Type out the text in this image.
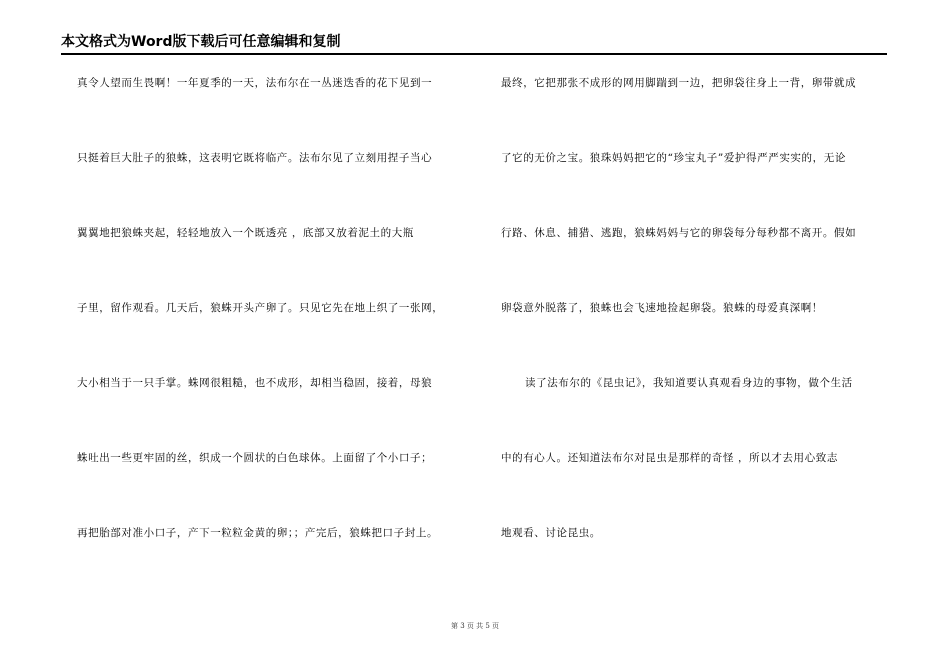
本文格式为Word版下载后可任意编辑和复制
真令人望而生畏啊！一年夏季的一天，法布尔在一丛迷迭香的花下见到一
只挺着巨大肚子的狼蛛，这表明它既将临产。法布尔见了立刻用捏子当心
翼翼地把狼蛛夹起，轻轻地放入一个既透亮 ，底部又放着泥土的大瓶
子里，留作观看。几天后，狼蛛开头产卵了。只见它先在地上织了一张网，
大小相当于一只手掌。蛛网很粗糙，也不成形，却相当稳固，接着，母狼
蛛吐出一些更牢固的丝，织成一个圆状的白色球体。上面留了个小口子；
再把胎部对准小口子，产下一粒粒金黄的卵；；产完后，狼蛛把口子封上。
最终，它把那张不成形的网用脚踹到一边，把卵袋往身上一背，卵带就成
了它的无价之宝。狼珠妈妈把它的“珍宝丸子”爱护得严严实实的，无论
行路、休息、捕猎、逃跑，狼蛛妈妈与它的卵袋每分每秒都不离开。假如
卵袋意外脱落了，狼蛛也会飞速地捡起卵袋。狼蛛的母爱真深啊！
读了法布尔的《昆虫记》，我知道要认真观看身边的事物，做个生活
中的有心人。还知道法布尔对昆虫是那样的奇怪 ，所以才去用心致志
地观看、讨论昆虫。
第 3 页 共 5 页
